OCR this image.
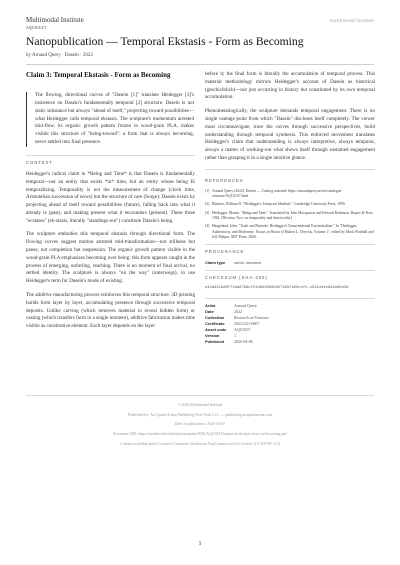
Multimodal Institute	multimodal institute
AQC0337
Nanopublication — Temporal Ekstasis - Form as Becoming
by Arnaud Query · Dasein · 2022
Claim 3: Temporal Ekstasis - Form as Becoming

The flowing, directional curves of "Dasein [1]" translate Heidegger [3]'s insistence on Dasein's fundamentally temporal [2] structure. Dasein is not static substance but always "ahead of itself," projecting toward possibilities—what Heidegger calls temporal ekstasis. The sculpture's momentum arrested mid-flow, its organic growth pattern frozen in wood-grain PLA, makes visible this structure of "being-toward": a form that is always becoming, never settled into final presence.

CONTEXT

Heidegger's radical claim in *Being and Time* is that Dasein is fundamentally temporal—not an entity that exists *in* time, but an entity whose being IS temporalizing. Temporality is not the measurement of change (clock time, Aristotelian succession of nows) but the structure of care (Sorge): Dasein exists by projecting ahead of itself toward possibilities (future), falling back into what it already is (past), and making present what it encounters (present). These three "ecstases" (ek-stasis, literally "standings-out") constitute Dasein's being.

The sculpture embodies this temporal ekstasis through directional form. The flowing curves suggest motion arrested mid-transformation—not stillness but pause, not completion but suspension. The organic growth pattern visible in the wood-grain PLA emphasizes becoming over being: this form appears caught in the process of emerging, unfurling, reaching. There is no moment of final arrival, no settled identity. The sculpture is always "on the way" (unterwegs), to use Heidegger's term for Dasein's mode of existing.

The additive manufacturing process reinforces this temporal structure. 3D printing builds form layer by layer, accumulating presence through successive temporal deposits. Unlike carving (which removes material to reveal hidden form) or casting (which transfers form in a single moment), additive fabrication makes time visible as constitutive element. Each layer depends on the layer

before it; the final form is literally the accumulation of temporal process. This material methodology mirrors Heidegger's account of Dasein as historical (geschichtlich)—not just occurring in history but constituted by its own temporal accumulation.

Phenomenologically, the sculpture demands temporal engagement. There is no single vantage point from which "Dasein" discloses itself completely. The viewer must circumnavigate, trace the curves through successive perspectives, build understanding through temporal synthesis. This enforced movement translates Heidegger's claim that understanding is always interpretive, always temporal, always a matter of working-out what shows itself through sustained engagement rather than grasping it in a single intuitive glance.

REFERENCES
[1] Arnaud Query (2022). Dasein — Catalog raisonné. https://arnaudquery.art/en/catalogue-raisonne/AQC0337.html
[2] Blattner, William D. "Heidegger's Temporal Idealism". Cambridge University Press, 1999.
[3] Heidegger, Martin. "Being and Time". Translated by John Macquarrie and Edward Robinson. Harper & Row, 1962. [Division Two, on temporality and historicality]
[4] Haugeland, John. "Truth and Finitude: Heidegger's Transcendental Existentialism." In "Heidegger, Authenticity, and Modernity: Essays in Honor of Hubert L. Dreyfus, Volume 1", edited by Mark Wrathall and Jeff Malpas. MIT Press, 2000.
PROVENANCE
Claim type	artistic statement
CHECKSUM (SHA-256)
e44a921b80f74da6798cf21d693808e827429fb58ccfc-c931d4ec8a1b6be38
Artist	Arnaud Query
Date	2022
Collection	Research on Tensions
Certificate	20221221-0007
Asset code	AQC0337
Version	1
Published	2026-04-06
© 2026 Multimodal Institute
Published by: Art Quark Arima Publishing New York LLC — publishing.artquarkarima.com
Date of publication: 2026-04-07
Persistent URI: https://multimodal.institute/nanopubs/2026/AQC0337/temporal-ekstasis-form-as-becoming.pdf
Content available under Creative Commons Attribution-NonCommercial 4.0 License (CC BY-NC 4.0)
1
